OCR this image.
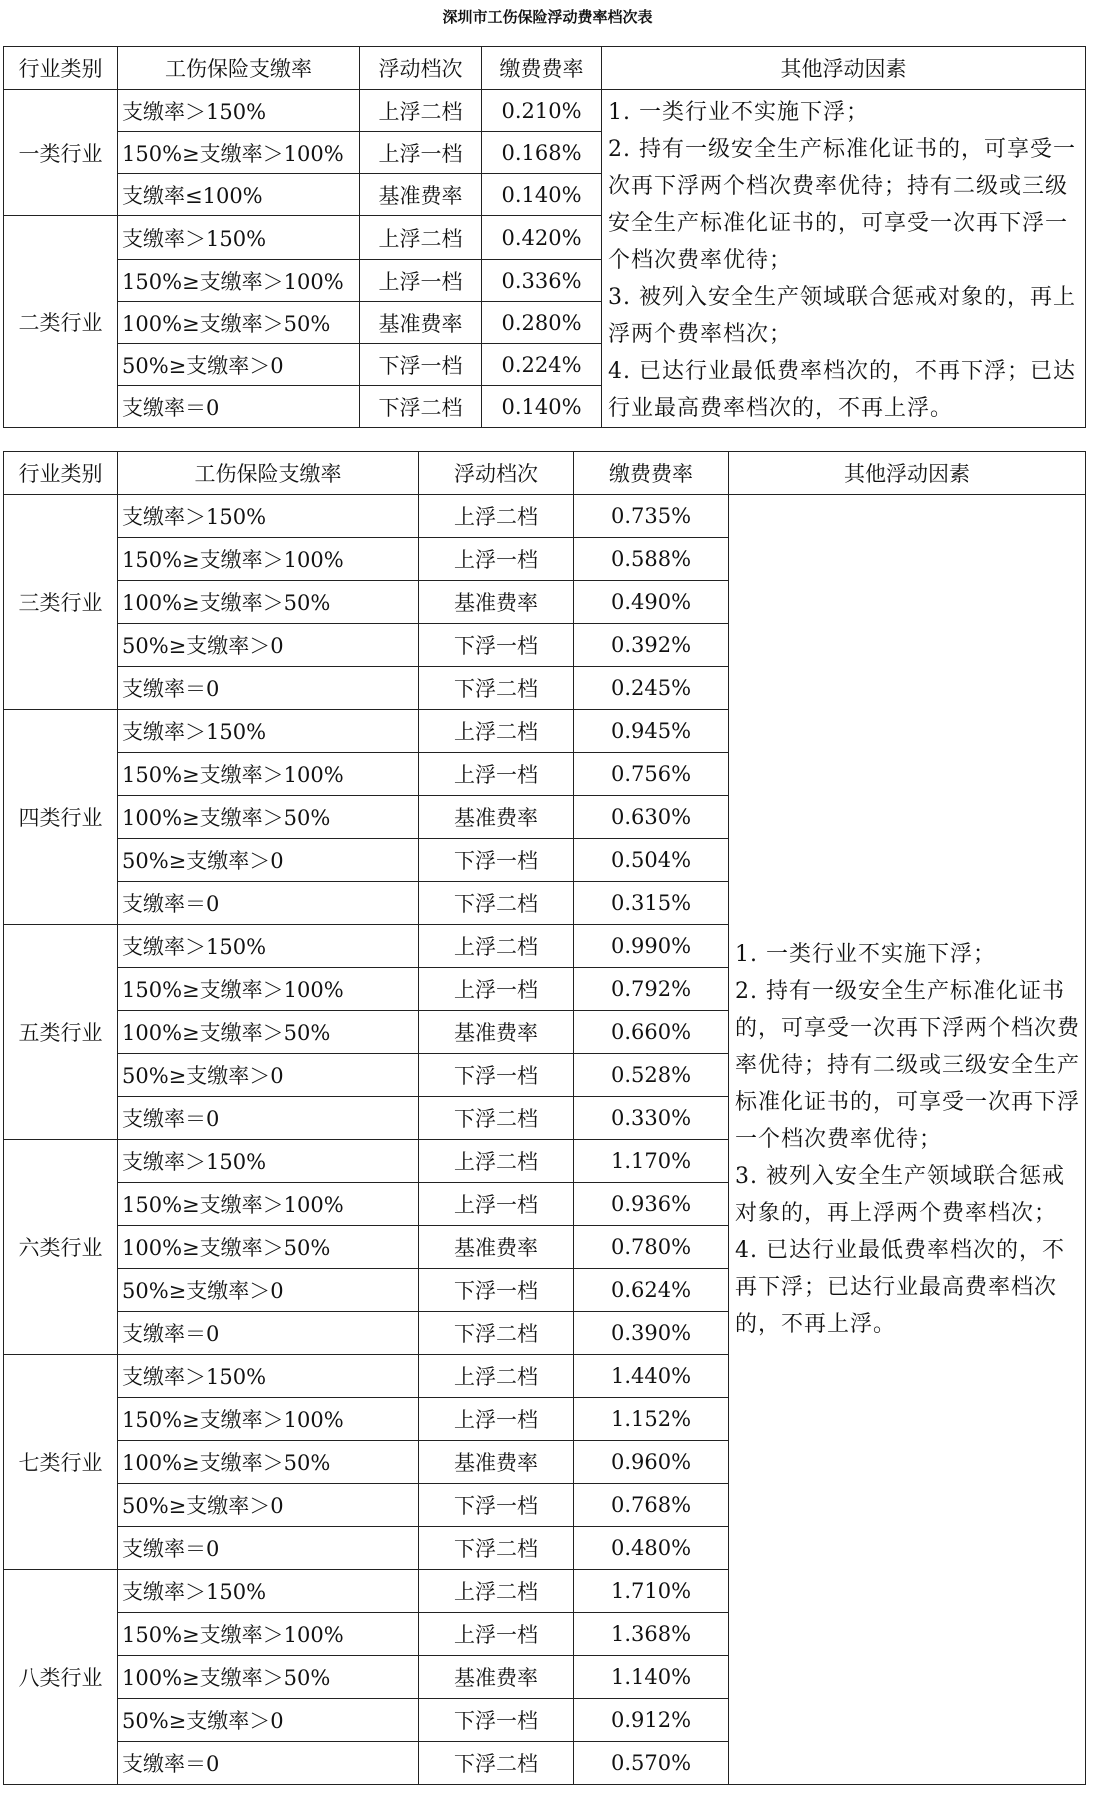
深圳市工伤保险浮动费率档次表
行业类别	工伤保险支缴率	浮动档次	缴费费率	其他浮动因素
一类行业	支缴率＞150%	上浮二档	0.210%	1. 一类行业不实施下浮；
2. 持有一级安全生产标准化证书的，可享受一次再下浮两个档次费率优待；持有二级或三级安全生产标准化证书的，可享受一次再下浮一个档次费率优待；
3. 被列入安全生产领域联合惩戒对象的，再上浮两个费率档次；
4. 已达行业最低费率档次的，不再下浮；已达行业最高费率档次的，不再上浮。

	150%≥支缴率＞100%	上浮一档	0.168%	
	支缴率≤100%	基准费率	0.140%	
二类行业	支缴率＞150%	上浮二档	0.420%	
	150%≥支缴率＞100%	上浮一档	0.336%	
	100%≥支缴率＞50%	基准费率	0.280%	
	50%≥支缴率＞0	下浮一档	0.224%	
	支缴率＝0	下浮二档	0.140%	
行业类别	工伤保险支缴率	浮动档次	缴费费率	其他浮动因素
三类行业	支缴率＞150%	上浮二档	0.735%	1. 一类行业不实施下浮；
2. 持有一级安全生产标准化证书的，可享受一次再下浮两个档次费率优待；持有二级或三级安全生产标准化证书的，可享受一次再下浮一个档次费率优待；
3. 被列入安全生产领域联合惩戒对象的，再上浮两个费率档次；
4. 已达行业最低费率档次的，不再下浮；已达行业最高费率档次的，不再上浮。

	150%≥支缴率＞100%	上浮一档	0.588%	
	100%≥支缴率＞50%	基准费率	0.490%	
	50%≥支缴率＞0	下浮一档	0.392%	
	支缴率＝0	下浮二档	0.245%	
四类行业	支缴率＞150%	上浮二档	0.945%	
	150%≥支缴率＞100%	上浮一档	0.756%	
	100%≥支缴率＞50%	基准费率	0.630%	
	50%≥支缴率＞0	下浮一档	0.504%	
	支缴率＝0	下浮二档	0.315%	
五类行业	支缴率＞150%	上浮二档	0.990%	
	150%≥支缴率＞100%	上浮一档	0.792%	
	100%≥支缴率＞50%	基准费率	0.660%	
	50%≥支缴率＞0	下浮一档	0.528%	
	支缴率＝0	下浮二档	0.330%	
六类行业	支缴率＞150%	上浮二档	1.170%	
	150%≥支缴率＞100%	上浮一档	0.936%	
	100%≥支缴率＞50%	基准费率	0.780%	
	50%≥支缴率＞0	下浮一档	0.624%	
	支缴率＝0	下浮二档	0.390%	
七类行业	支缴率＞150%	上浮二档	1.440%	
	150%≥支缴率＞100%	上浮一档	1.152%	
	100%≥支缴率＞50%	基准费率	0.960%	
	50%≥支缴率＞0	下浮一档	0.768%	
	支缴率＝0	下浮二档	0.480%	
八类行业	支缴率＞150%	上浮二档	1.710%	
	150%≥支缴率＞100%	上浮一档	1.368%	
	100%≥支缴率＞50%	基准费率	1.140%	
	50%≥支缴率＞0	下浮一档	0.912%	
	支缴率＝0	下浮二档	0.570%	
